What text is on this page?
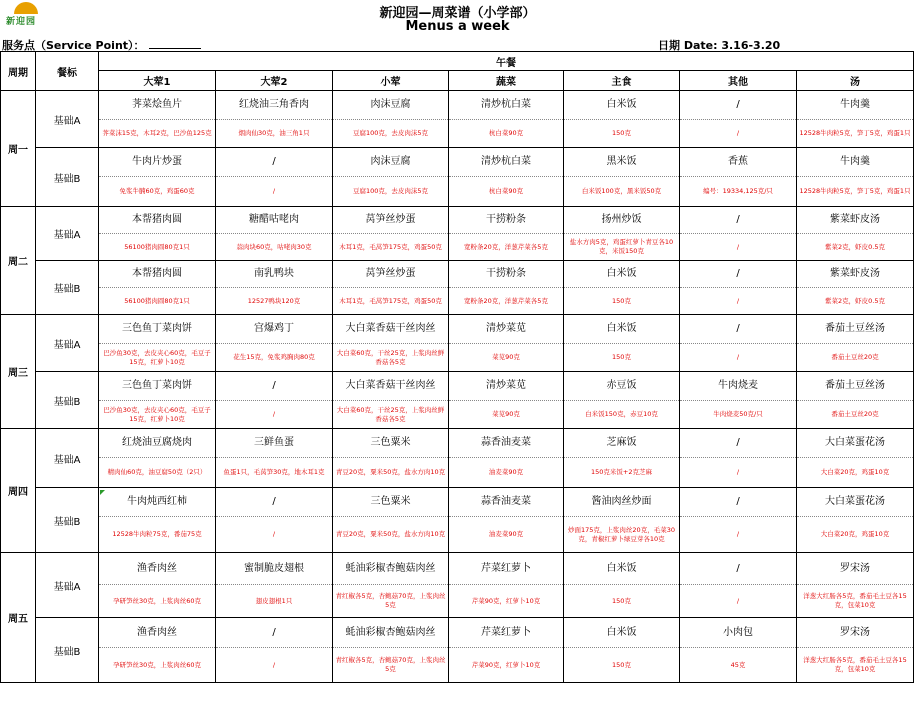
新迎园
新迎园—周菜谱（小学部）
Menus a week
服务点（Service Point）：	日期 Date: 3.16-3.20
周期	餐标	午餐						
		大荤1	大荤2	小荤	蔬菜	主食	其他	汤
周一	基础A	荠菜烩鱼片	红烧油三角香肉	肉沫豆腐	清炒杭白菜	白米饭	/	牛肉羹
		荠菜沫15克，木耳2克，巴沙鱼125克	烟肉仙30克，油三角1只	豆腐100克，去皮肉沫5克	杭白菜90克	150克	/	12528牛肉粒5克，笋丁5克，鸡蛋1只
	基础B	牛肉片炒蛋	/	肉沫豆腐	清炒杭白菜	黑米饭	香蕉	牛肉羹
		免浆牛腩60克，鸡蛋60克	/	豆腐100克，去皮肉沫5克	杭白菜90克	白米饭100克，黑米饭50克	编号：19334,125克/只	12528牛肉粒5克，笋丁5克，鸡蛋1只
周二	基础A	本帮猪肉圆	糖醋咕咾肉	莴笋丝炒蛋	干捞粉条	扬州炒饭	/	紫菜虾皮汤
		56100猪肉圆80克1只	蒜肉块60克，咕咾肉30克	木耳1克，毛莴笋175克，鸡蛋50克	宽粉条20克，洋葱芹菜各5克	盐水方肉5克，鸡蛋红萝卜青豆各10克，米饭150克	/	紫菜2克，虾皮0.5克
	基础B	本帮猪肉圆	南乳鸭块	莴笋丝炒蛋	干捞粉条	白米饭	/	紫菜虾皮汤
		56100猪肉圆80克1只	12527鸭块120克	木耳1克，毛莴笋175克，鸡蛋50克	宽粉条20克，洋葱芹菜各5克	150克	/	紫菜2克，虾皮0.5克
周三	基础A	三色鱼丁菜肉饼	宫爆鸡丁	大白菜香菇干丝肉丝	清炒菜苋	白米饭	/	番茄土豆丝汤
		巴沙鱼30克，去皮夹心60克，毛豆子15克，红萝卜10克	花生15克，免浆鸡胸肉80克	大白菜60克，干丝25克，上浆肉丝鲜香菇各5克	菜苋90克	150克	/	番茄土豆丝20克
	基础B	三色鱼丁菜肉饼	/	大白菜香菇干丝肉丝	清炒菜苋	赤豆饭	牛肉烧麦	番茄土豆丝汤
		巴沙鱼30克，去皮夹心60克，毛豆子15克，红萝卜10克	/	大白菜60克，干丝25克，上浆肉丝鲜香菇各5克	菜苋90克	白米饭150克，赤豆10克	牛肉烧麦50克/只	番茄土豆丝20克
周四	基础A	红烧油豆腐烧肉	三鲜鱼蛋	三色粟米	蒜香油麦菜	芝麻饭	/	大白菜蛋花汤
		精肉仙60克，油豆腐50克（2只）	鱼蛋1只，毛莴笋30克，地木耳1克	青豆20克，粟米50克，盐水方肉10克	油麦菜90克	150克米饭+2克芝麻	/	大白菜20克，鸡蛋10克
	基础B	牛肉炖西红柿	/	三色粟米	蒜香油麦菜	酱油肉丝炒面	/	大白菜蛋花汤
		12528牛肉粒75克，番茄75克	/	青豆20克，粟米50克，盐水方肉10克	油麦菜90克	炒面175克，上浆肉丝20克，毛菜30克，青椒红萝卜绿豆芽各10克	/	大白菜20克，鸡蛋10克
周五	基础A	渔香肉丝	蜜制脆皮翅根	蚝油彩椒杏鲍菇肉丝	芹菜红萝卜	白米饭	/	罗宋汤
		孕研笋丝30克，上浆肉丝60克	翅皮翅根1只	青红椒各5克，杏鲍菇70克，上浆肉丝5克	芹菜90克，红萝卜10克	150克	/	洋葱大红肠各5克，番茄毛土豆各15克，包菜10克
	基础B	渔香肉丝	/	蚝油彩椒杏鲍菇肉丝	芹菜红萝卜	白米饭	小肉包	罗宋汤
		孕研笋丝30克，上浆肉丝60克	/	青红椒各5克，杏鲍菇70克，上浆肉丝5克	芹菜90克，红萝卜10克	150克	45克	洋葱大红肠各5克，番茄毛土豆各15克，包菜10克
